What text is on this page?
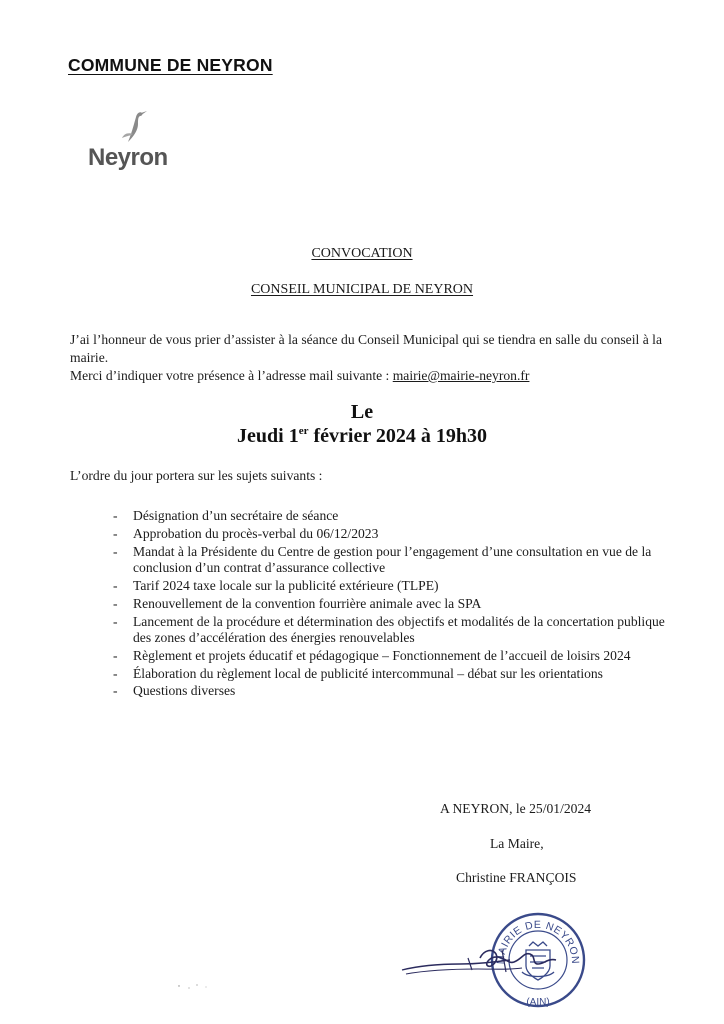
COMMUNE DE NEYRON
Neyron
CONVOCATION
CONSEIL MUNICIPAL DE NEYRON

J’ai l’honneur de vous prier d’assister à la séance du Conseil Municipal qui se tiendra en salle du conseil à la mairie.

Merci d’indiquer votre présence à l’adresse mail suivante : mairie@mairie-neyron.fr

Le
Jeudi 1er février 2024 à 19h30
L’ordre du jour portera sur les sujets suivants :
- Désignation d’un secrétaire de séance
- Approbation du procès-verbal du 06/12/2023
- Mandat à la Présidente du Centre de gestion pour l’engagement d’une consultation en vue de la conclusion d’un contrat d’assurance collective
- Tarif 2024 taxe locale sur la publicité extérieure (TLPE)
- Renouvellement de la convention fourrière animale avec la SPA
- Lancement de la procédure et détermination des objectifs et modalités de la concertation publique des zones d’accélération des énergies renouvelables
- Règlement et projets éducatif et pédagogique – Fonctionnement de l’accueil de loisirs 2024
- Élaboration du règlement local de publicité intercommunal – débat sur les orientations
- Questions diverses
A NEYRON, le 25/01/2024
La Maire,
Christine FRANÇOIS
MAIRIE DE NEYRON
(AIN)
